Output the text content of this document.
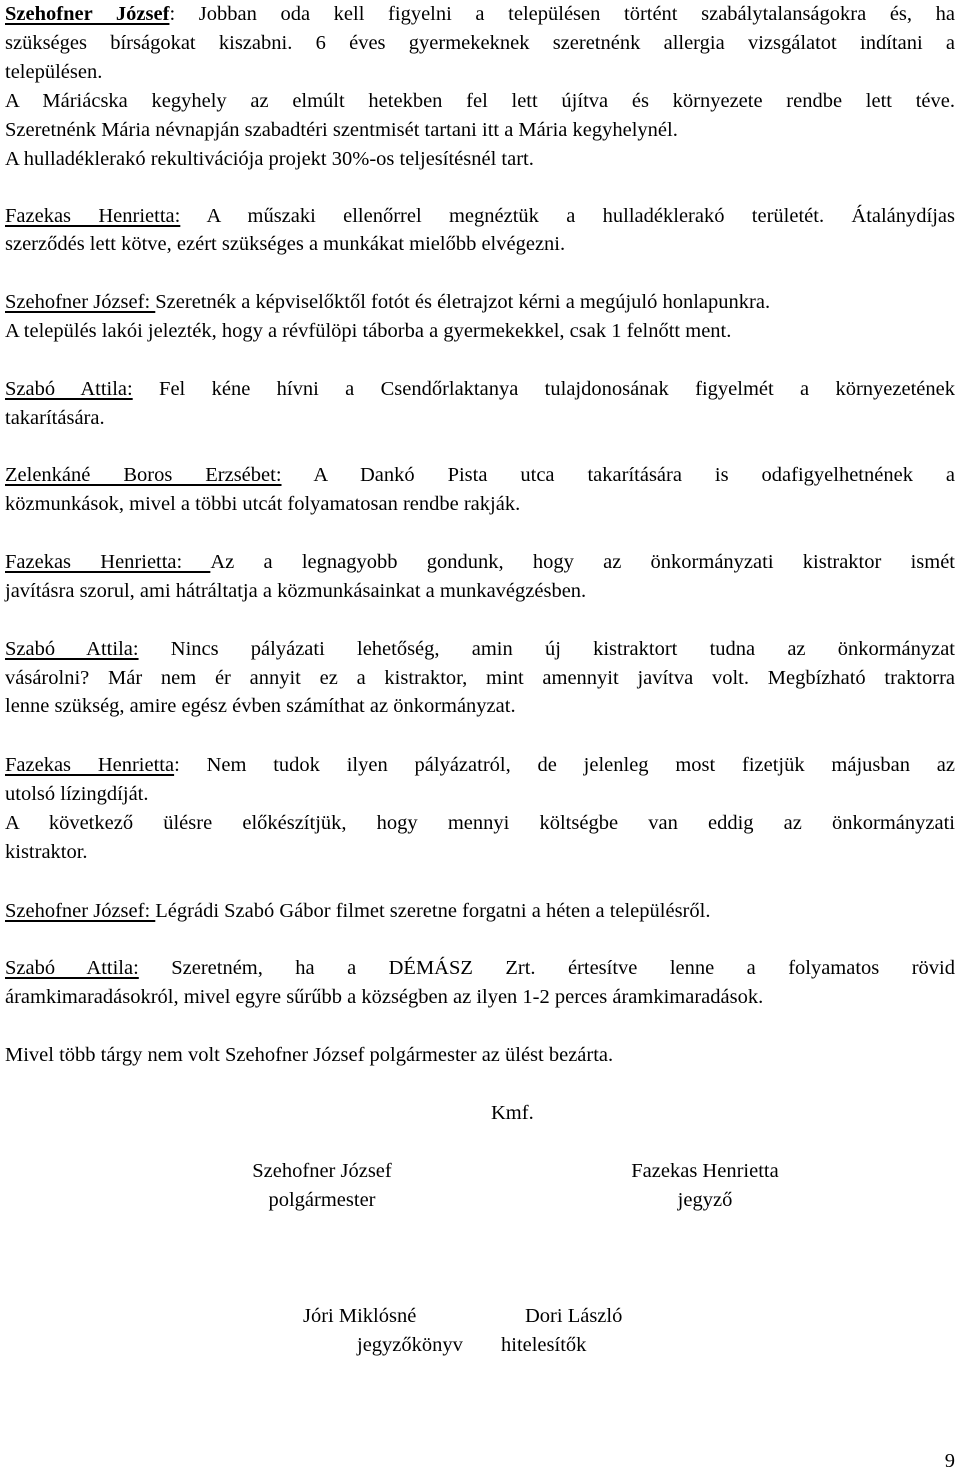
Szehofner József: Jobban oda kell figyelni a településen történt szabálytalanságokra és, ha
szükséges bírságokat kiszabni. 6 éves gyermekeknek szeretnénk allergia vizsgálatot indítani a
településen.
A Máriácska kegyhely az elmúlt hetekben fel lett újítva és környezete rendbe lett téve.
Szeretnénk Mária névnapján szabadtéri szentmisét tartani itt a Mária kegyhelynél.
A hulladéklerakó rekultivációja projekt 30%-os teljesítésnél tart.
Fazekas Henrietta: A műszaki ellenőrrel megnéztük a hulladéklerakó területét. Átalánydíjas
szerződés lett kötve, ezért szükséges a munkákat mielőbb elvégezni.
Szehofner József: Szeretnék a képviselőktől fotót és életrajzot kérni a megújuló honlapunkra.
A település lakói jelezték, hogy a révfülöpi táborba a gyermekekkel, csak 1 felnőtt ment.
Szabó Attila: Fel kéne hívni a Csendőrlaktanya tulajdonosának figyelmét a környezetének
takarítására.
Zelenkáné Boros Erzsébet: A Dankó Pista utca takarítására is odafigyelhetnének a
közmunkások, mivel a többi utcát folyamatosan rendbe rakják.
Fazekas Henrietta: Az a legnagyobb gondunk, hogy az önkormányzati kistraktor ismét
javításra szorul, ami hátráltatja a közmunkásainkat a munkavégzésben.
Szabó Attila: Nincs pályázati lehetőség, amin új kistraktort tudna az önkormányzat
vásárolni? Már nem ér annyit ez a kistraktor, mint amennyit javítva volt. Megbízható traktorra
lenne szükség, amire egész évben számíthat az önkormányzat.
Fazekas Henrietta: Nem tudok ilyen pályázatról, de jelenleg most fizetjük májusban az
utolsó lízingdíját.
A következő ülésre előkészítjük, hogy mennyi költségbe van eddig az önkormányzati
kistraktor.
Szehofner József: Légrádi Szabó Gábor filmet szeretne forgatni a héten a településről.
Szabó Attila: Szeretném, ha a DÉMÁSZ Zrt. értesítve lenne a folyamatos rövid
áramkimaradásokról, mivel egyre sűrűbb a községben az ilyen 1-2 perces áramkimaradások.
Mivel több tárgy nem volt Szehofner József polgármester az ülést bezárta.
Kmf.
Szehofner József
polgármester
Fazekas Henrietta
jegyző
Jóri Miklósné	Dori László
jegyzőkönyv hitelesítők
9
